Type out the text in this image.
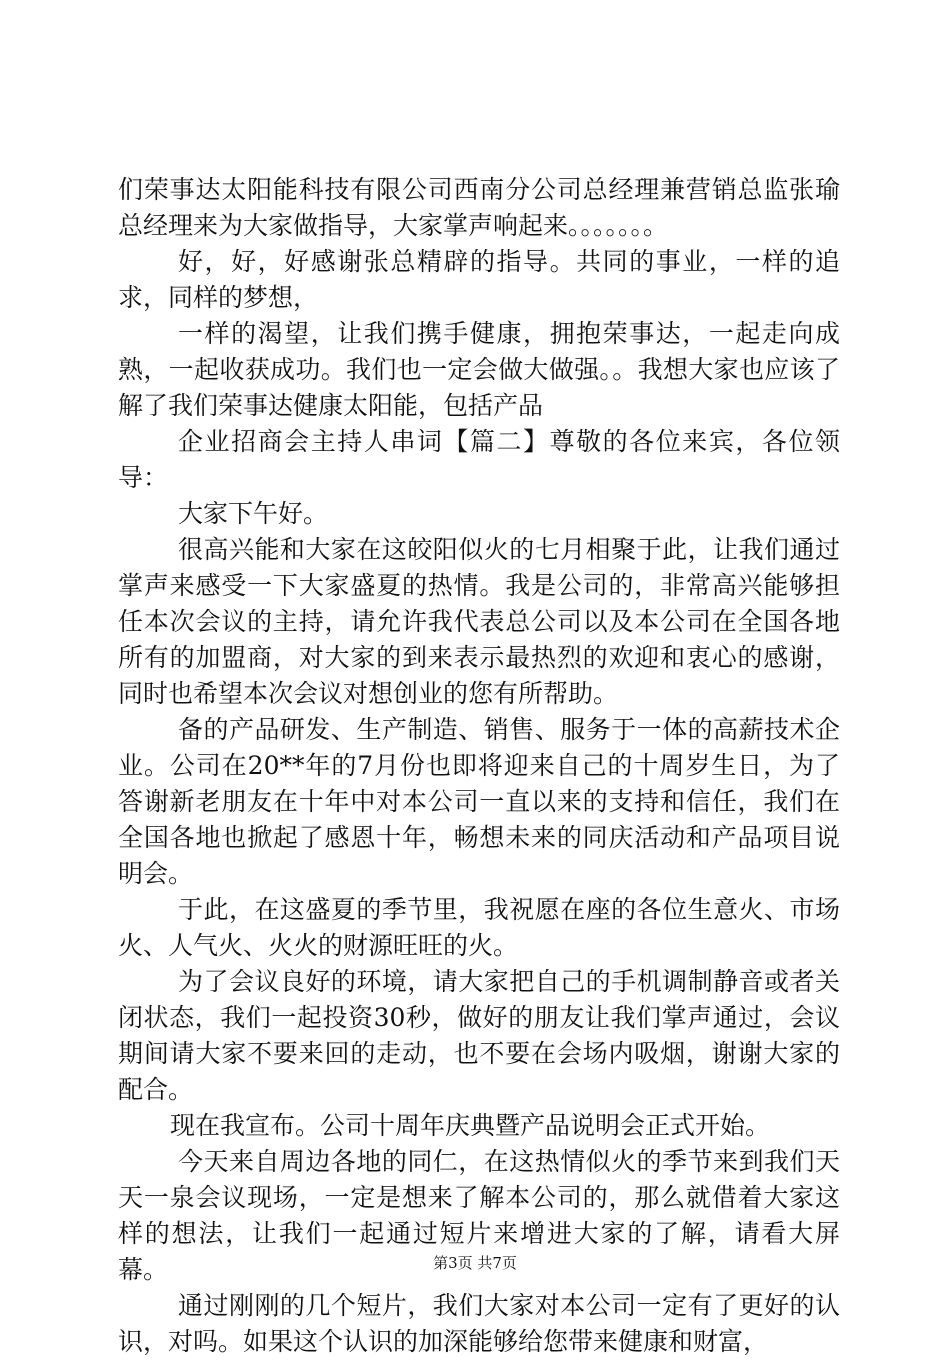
们荣事达太阳能科技有限公司西南分公司总经理兼营销总监张瑜总经理来为大家做指导，大家掌声响起来。。。。。。。

好，好，好感谢张总精辟的指导。共同的事业，一样的追求，同样的梦想，

一样的渴望，让我们携手健康，拥抱荣事达，一起走向成熟，一起收获成功。我们也一定会做大做强。。我想大家也应该了解了我们荣事达健康太阳能，包括产品

企业招商会主持人串词【篇二】尊敬的各位来宾，各位领导：

大家下午好。

很高兴能和大家在这皎阳似火的七月相聚于此，让我们通过掌声来感受一下大家盛夏的热情。我是公司的，非常高兴能够担任本次会议的主持，请允许我代表总公司以及本公司在全国各地所有的加盟商，对大家的到来表示最热烈的欢迎和衷心的感谢，同时也希望本次会议对想创业的您有所帮助。

备的产品研发、生产制造、销售、服务于一体的高薪技术企业。公司在20**年的7月份也即将迎来自己的十周岁生日，为了答谢新老朋友在十年中对本公司一直以来的支持和信任，我们在全国各地也掀起了感恩十年，畅想未来的同庆活动和产品项目说明会。

于此，在这盛夏的季节里，我祝愿在座的各位生意火、市场火、人气火、火火的财源旺旺的火。

为了会议良好的环境，请大家把自己的手机调制静音或者关闭状态，我们一起投资30秒，做好的朋友让我们掌声通过，会议期间请大家不要来回的走动，也不要在会场内吸烟，谢谢大家的配合。

现在我宣布。公司十周年庆典暨产品说明会正式开始。

今天来自周边各地的同仁，在这热情似火的季节来到我们天天一泉会议现场，一定是想来了解本公司的，那么就借着大家这样的想法，让我们一起通过短片来增进大家的了解，请看大屏幕。

通过刚刚的几个短片，我们大家对本公司一定有了更好的认识，对吗。如果这个认识的加深能够给您带来健康和财富，

第3页 共7页
